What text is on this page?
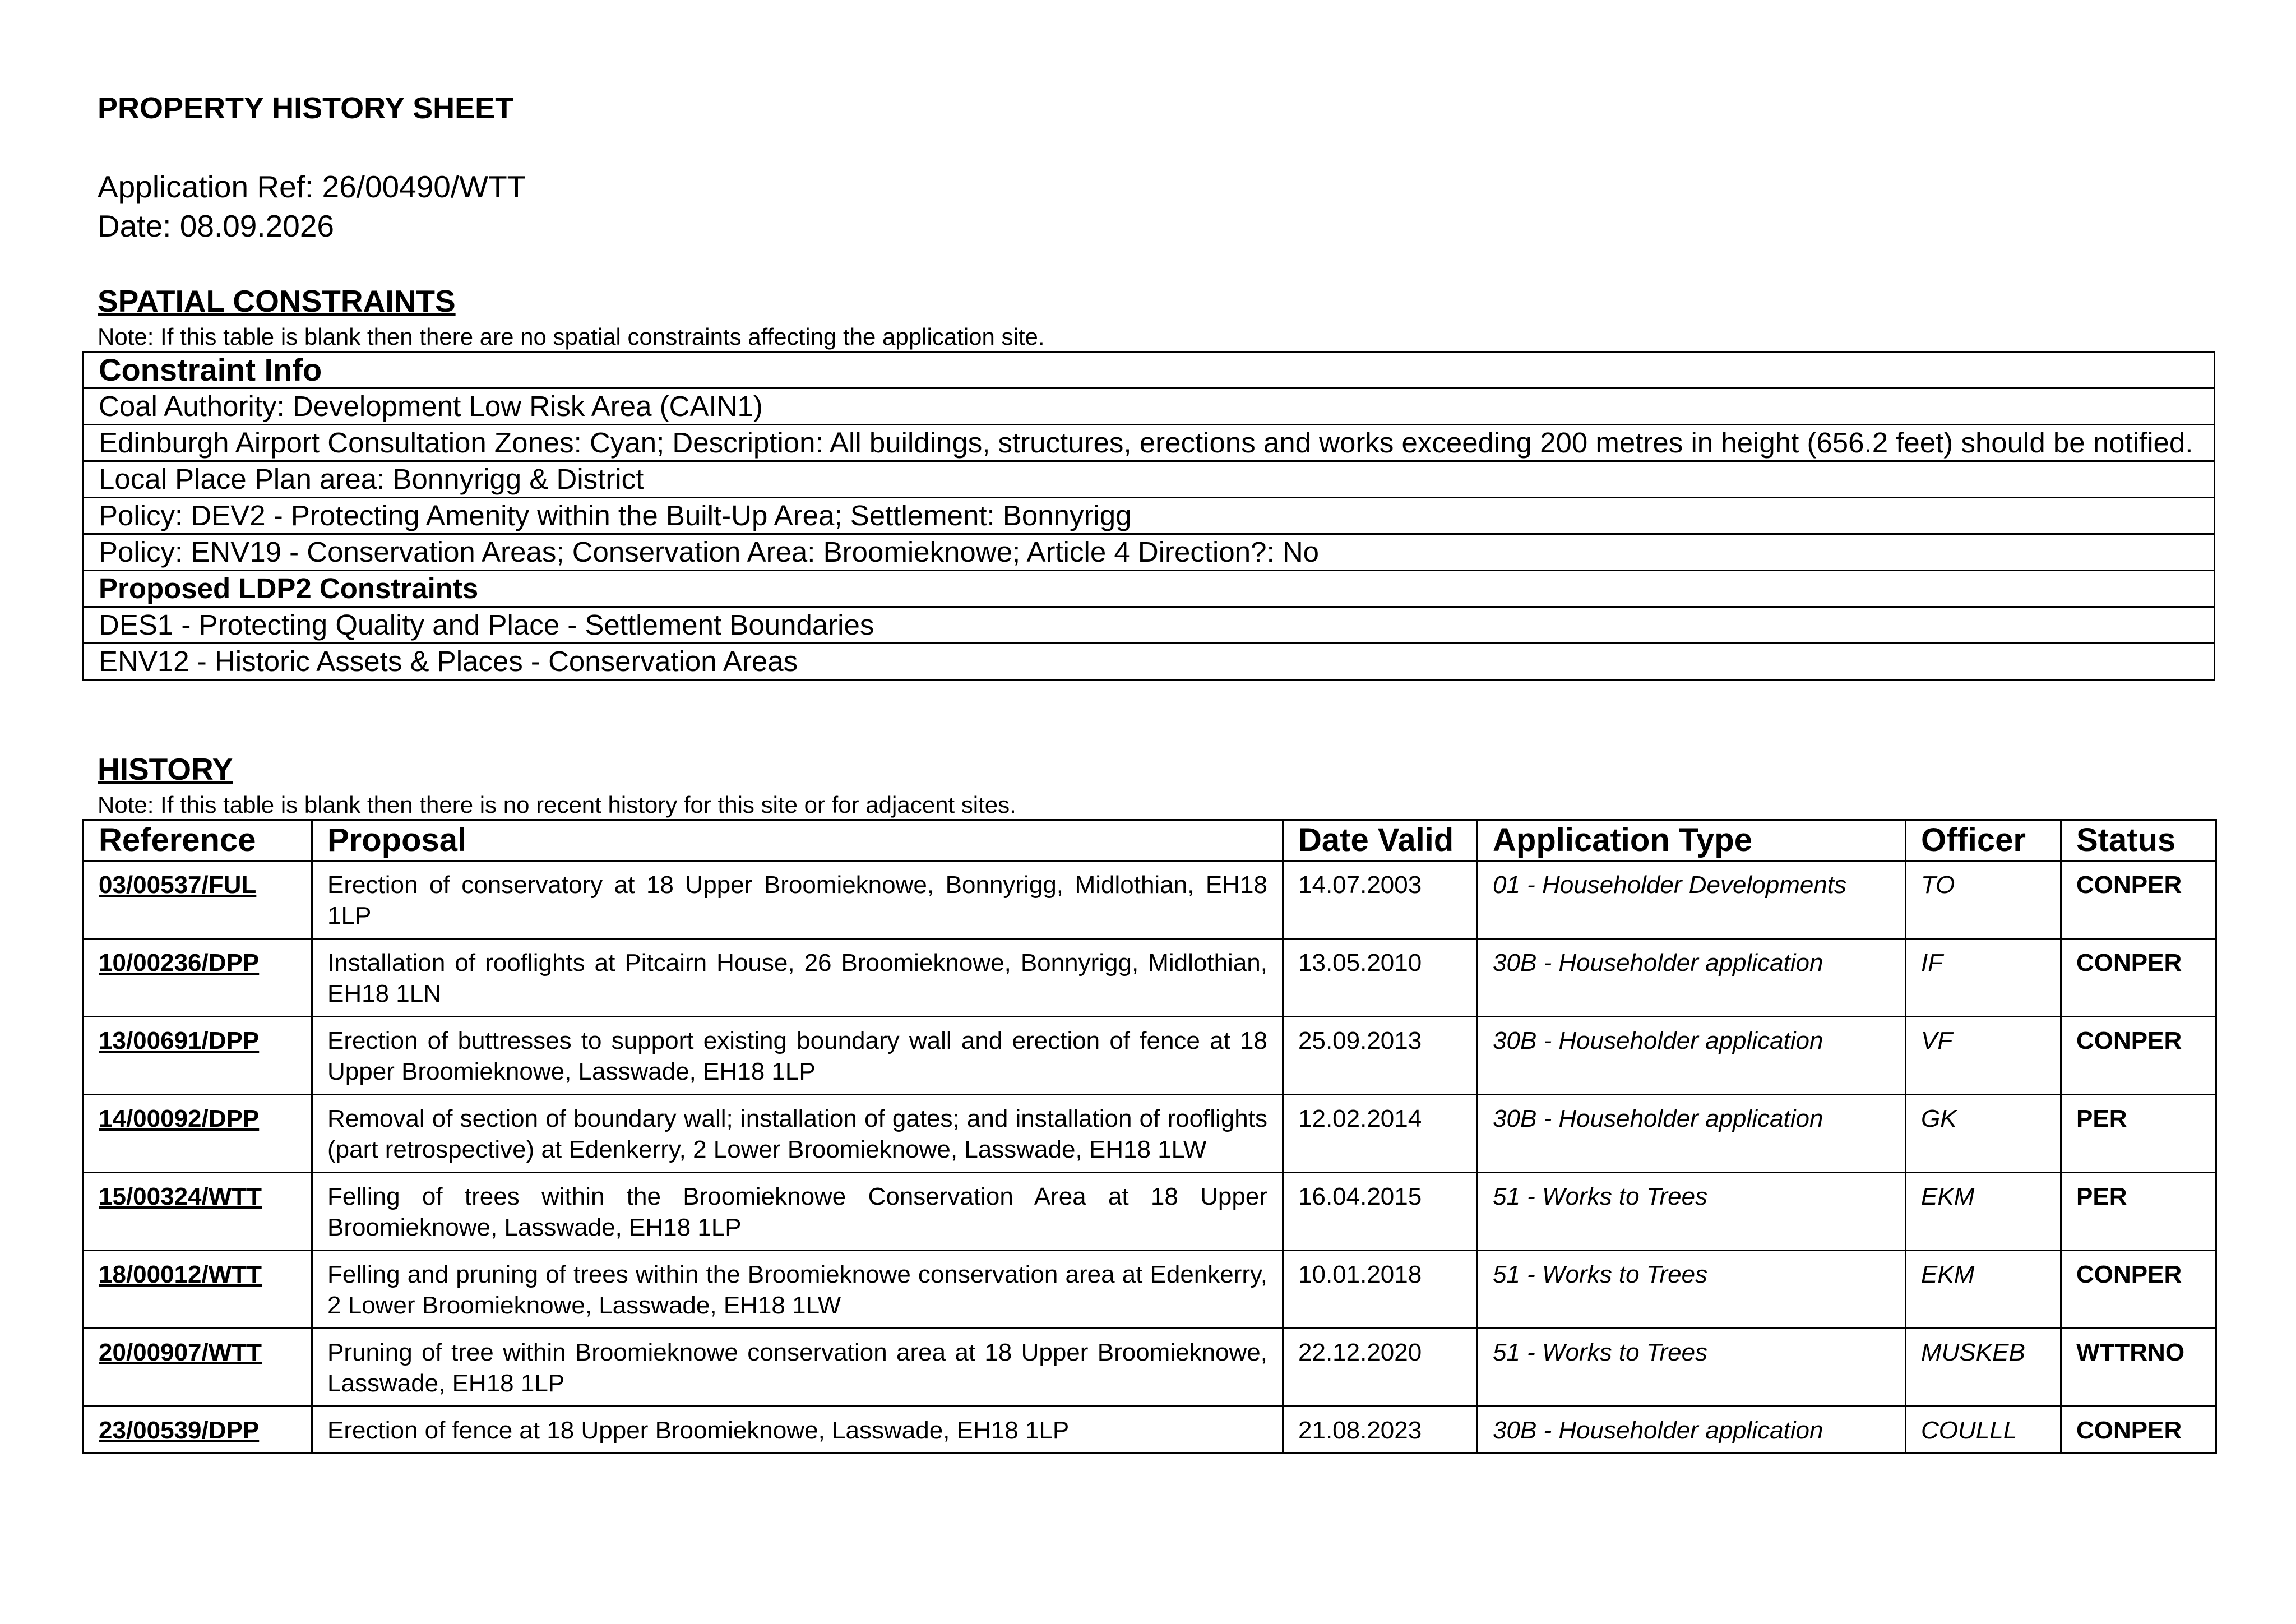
PROPERTY HISTORY SHEET

Application Ref: 26/00490/WTT

Date: 08.09.2026

SPATIAL CONSTRAINTS

Note: If this table is blank then there are no spatial constraints affecting the application site.

Constraint Info
Coal Authority: Development Low Risk Area (CAIN1)
Edinburgh Airport Consultation Zones: Cyan; Description: All buildings, structures, erections and works exceeding 200 metres in height (656.2 feet) should be notified.
Local Place Plan area: Bonnyrigg & District
Policy: DEV2 - Protecting Amenity within the Built-Up Area; Settlement: Bonnyrigg
Policy: ENV19 - Conservation Areas; Conservation Area: Broomieknowe; Article 4 Direction?: No
Proposed LDP2 Constraints
DES1 - Protecting Quality and Place - Settlement Boundaries
ENV12 - Historic Assets & Places - Conservation Areas
HISTORY

Note: If this table is blank then there is no recent history for this site or for adjacent sites.

Reference	Proposal	Date Valid	Application Type	Officer	Status
03/00537/FUL	Erection of conservatory at 18 Upper Broomieknowe, Bonnyrigg, Midlothian, EH18 1LP	14.07.2003	01 - Householder Developments	TO	CONPER
10/00236/DPP	Installation of rooflights at Pitcairn House, 26 Broomieknowe, Bonnyrigg, Midlothian, EH18 1LN	13.05.2010	30B - Householder application	IF	CONPER
13/00691/DPP	Erection of buttresses to support existing boundary wall and erection of fence at 18 Upper Broomieknowe, Lasswade, EH18 1LP	25.09.2013	30B - Householder application	VF	CONPER
14/00092/DPP	Removal of section of boundary wall; installation of gates; and installation of rooflights (part retrospective) at Edenkerry, 2 Lower Broomieknowe, Lasswade, EH18 1LW	12.02.2014	30B - Householder application	GK	PER
15/00324/WTT	Felling of trees within the Broomieknowe Conservation Area at 18 Upper Broomieknowe, Lasswade, EH18 1LP	16.04.2015	51 - Works to Trees	EKM	PER
18/00012/WTT	Felling and pruning of trees within the Broomieknowe conservation area at Edenkerry, 2 Lower Broomieknowe, Lasswade, EH18 1LW	10.01.2018	51 - Works to Trees	EKM	CONPER
20/00907/WTT	Pruning of tree within Broomieknowe conservation area at 18 Upper Broomieknowe, Lasswade, EH18 1LP	22.12.2020	51 - Works to Trees	MUSKEB	WTTRNO
23/00539/DPP	Erection of fence at 18 Upper Broomieknowe, Lasswade, EH18 1LP	21.08.2023	30B - Householder application	COULLL	CONPER
